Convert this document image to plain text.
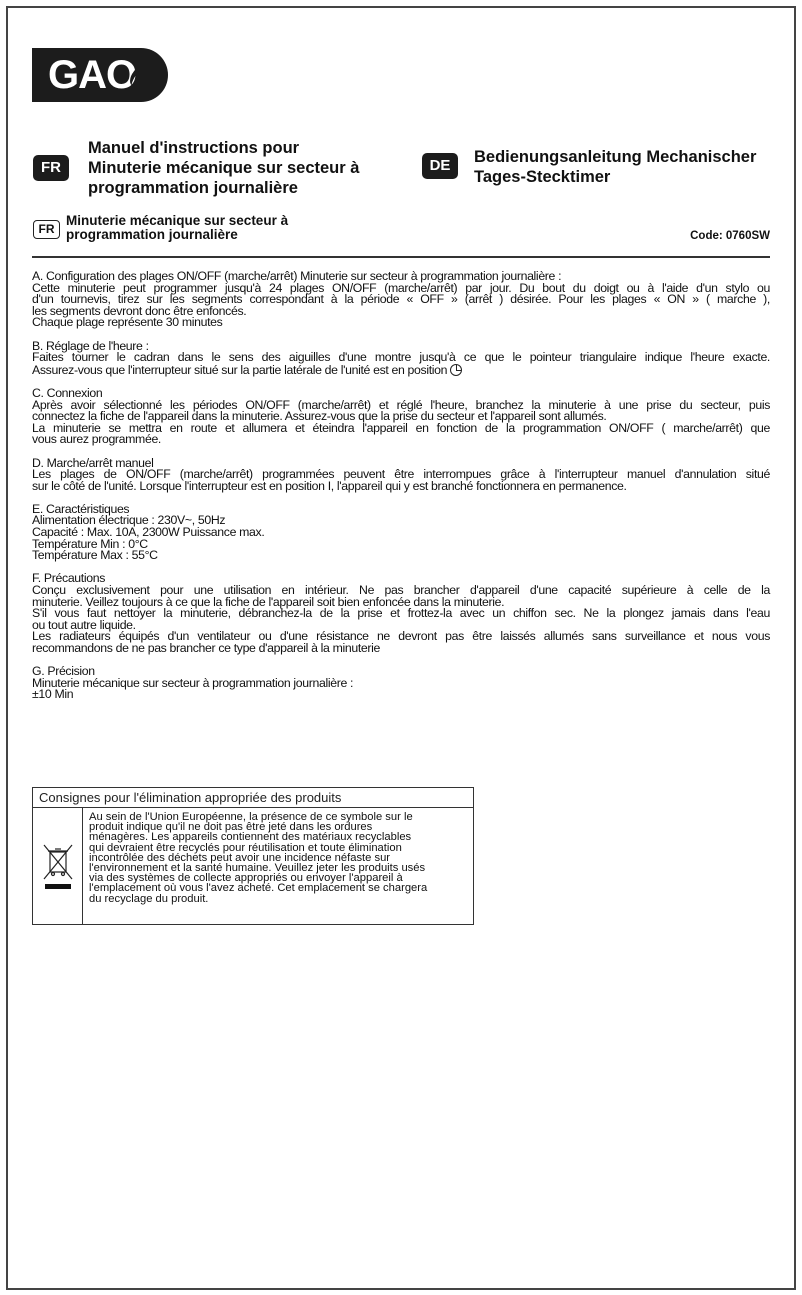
GAO
FR
Manuel d'instructions pour
Minuterie mécanique sur secteur à
programmation journalière
DE	Bedienungsanleitung Mechanischer
Tages-Stecktimer
FR
Minuterie mécanique sur secteur à
programmation journalière	Code: 0760SW
A. Configuration des plages ON/OFF (marche/arrêt) Minuterie sur secteur à programmation journalière :
Cette minuterie peut programmer jusqu'à 24 plages ON/OFF (marche/arrêt) par jour. Du bout du doigt ou à l'aide d'un stylo ou
d'un tournevis, tirez sur les segments correspondant à la période « OFF » (arrêt ) désirée. Pour les plages « ON » ( marche ),
les segments devront donc être enfoncés.
Chaque plage représente 30 minutes
B. Réglage de l'heure :
Faites tourner le cadran dans le sens des aiguilles d'une montre jusqu'à ce que le pointeur triangulaire indique l'heure exacte.
Assurez-vous que l'interrupteur situé sur la partie latérale de l'unité est en position
C. Connexion
Après avoir sélectionné les périodes ON/OFF (marche/arrêt) et réglé l'heure, branchez la minuterie à une prise du secteur, puis
connectez la fiche de l'appareil dans la minuterie. Assurez-vous que la prise du secteur et l'appareil sont allumés.
La minuterie se mettra en route et allumera et éteindra l'appareil en fonction de la programmation ON/OFF ( marche/arrêt) que
vous aurez programmée.
D. Marche/arrêt manuel
Les plages de ON/OFF (marche/arrêt) programmées peuvent être interrompues grâce à l'interrupteur manuel d'annulation situé
sur le côté de l'unité. Lorsque l'interrupteur est en position I, l'appareil qui y est branché fonctionnera en permanence.
E. Caractéristiques
Alimentation électrique : 230V~, 50Hz
Capacité : Max. 10A, 2300W Puissance max.
Température Min : 0°C
Température Max : 55°C
F. Précautions
Conçu exclusivement pour une utilisation en intérieur. Ne pas brancher d'appareil d'une capacité supérieure à celle de la
minuterie. Veillez toujours à ce que la fiche de l'appareil soit bien enfoncée dans la minuterie.
S'il vous faut nettoyer la minuterie, débranchez-la de la prise et frottez-la avec un chiffon sec. Ne la plongez jamais dans l'eau
ou tout autre liquide.
Les radiateurs équipés d'un ventilateur ou d'une résistance ne devront pas être laissés allumés sans surveillance et nous vous
recommandons de ne pas brancher ce type d'appareil à la minuterie
G. Précision
Minuterie mécanique sur secteur à programmation journalière :
±10 Min
Consignes pour l'élimination appropriée des produits
Au sein de l'Union Européenne, la présence de ce symbole sur le
produit indique qu'il ne doit pas être jeté dans les ordures
ménagères. Les appareils contiennent des matériaux recyclables
qui devraient être recyclés pour réutilisation et toute élimination
incontrôlée des déchets peut avoir une incidence néfaste sur
l'environnement et la santé humaine. Veuillez jeter les produits usés
via des systèmes de collecte appropriés ou envoyer l'appareil à
l'emplacement où vous l'avez acheté. Cet emplacement se chargera
du recyclage du produit.
